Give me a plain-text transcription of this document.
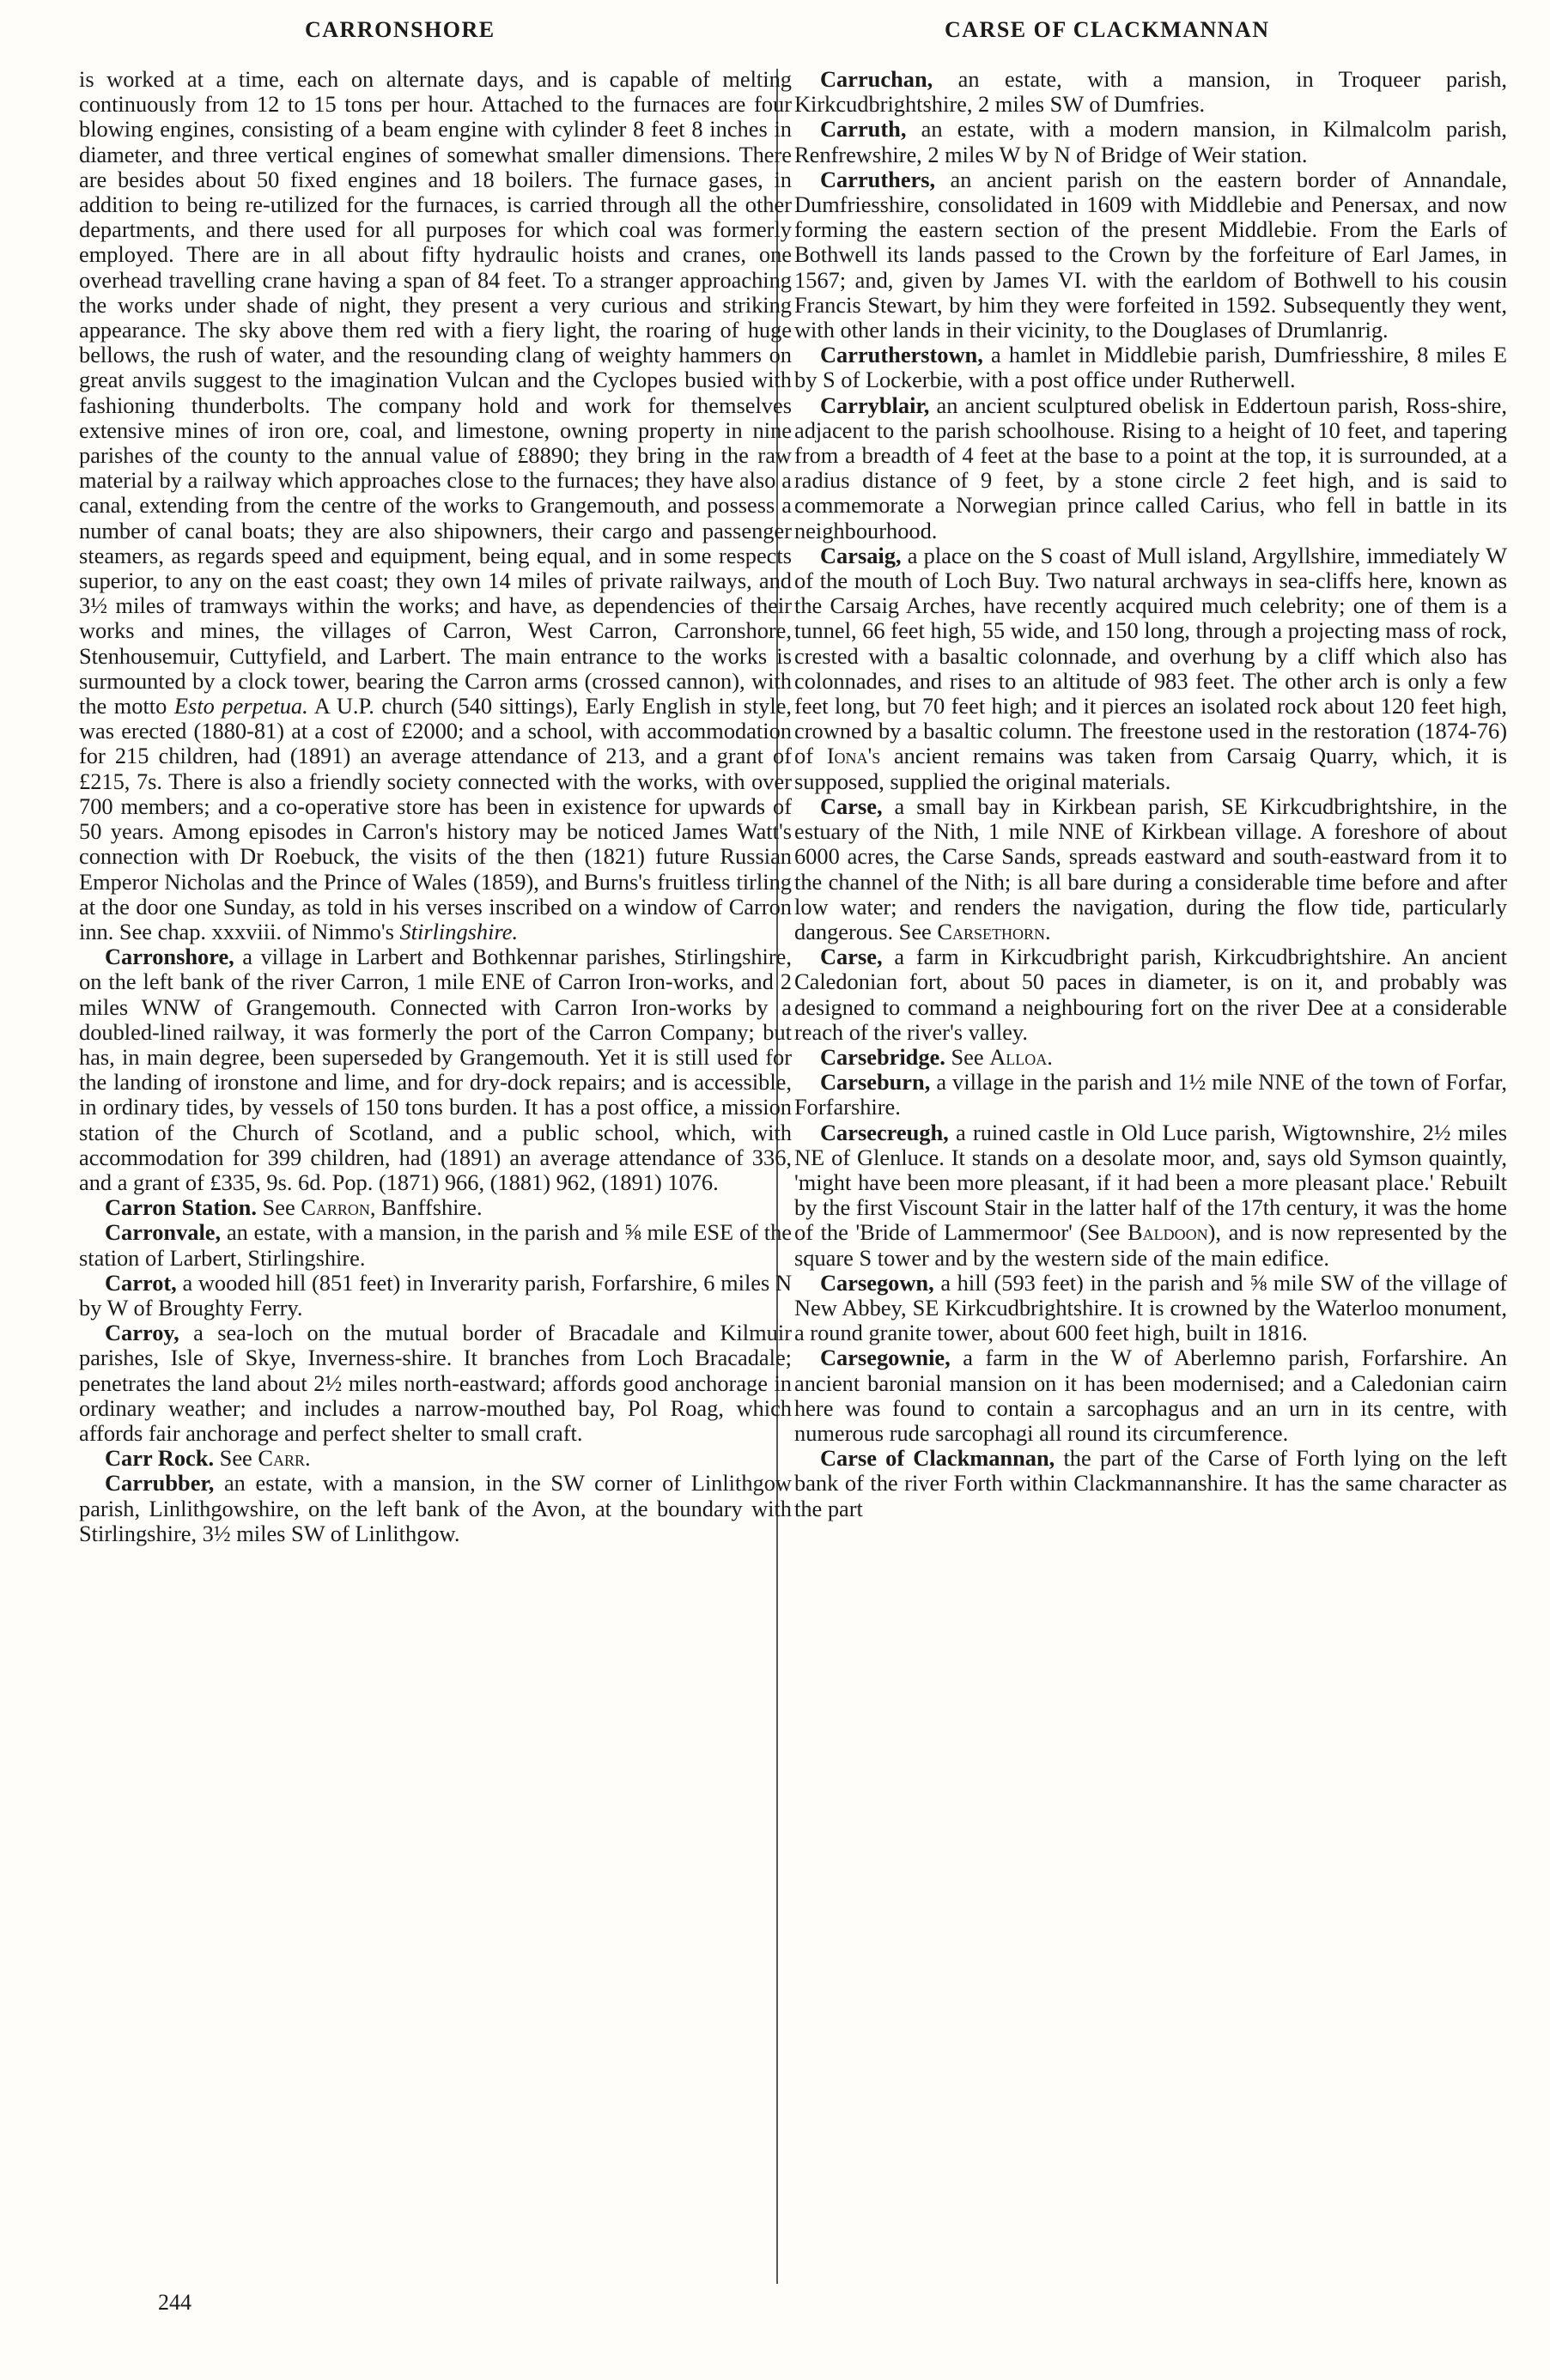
CARRONSHORE	CARSE OF CLACKMANNAN

is worked at a time, each on alternate days, and is capable of melting continuously from 12 to 15 tons per hour. Attached to the furnaces are four blowing engines, consisting of a beam engine with cylinder 8 feet 8 inches in diameter, and three vertical engines of somewhat smaller dimensions. There are besides about 50 fixed engines and 18 boilers. The furnace gases, in addition to being re-utilized for the furnaces, is carried through all the other departments, and there used for all purposes for which coal was formerly employed. There are in all about fifty hydraulic hoists and cranes, one overhead travelling crane having a span of 84 feet. To a stranger approaching the works under shade of night, they present a very curious and striking appearance. The sky above them red with a fiery light, the roaring of huge bellows, the rush of water, and the resounding clang of weighty hammers on great anvils suggest to the imagination Vulcan and the Cyclopes busied with fashioning thunderbolts. The company hold and work for themselves extensive mines of iron ore, coal, and limestone, owning property in nine parishes of the county to the annual value of £8890; they bring in the raw material by a railway which approaches close to the furnaces; they have also a canal, extending from the centre of the works to Grangemouth, and possess a number of canal boats; they are also shipowners, their cargo and passenger steamers, as regards speed and equipment, being equal, and in some respects superior, to any on the east coast; they own 14 miles of private railways, and 3½ miles of tramways within the works; and have, as dependencies of their works and mines, the villages of Carron, West Carron, Carronshore, Stenhousemuir, Cuttyfield, and Larbert. The main entrance to the works is surmounted by a clock tower, bearing the Carron arms (crossed cannon), with the motto Esto perpetua. A U.P. church (540 sittings), Early English in style, was erected (1880-81) at a cost of £2000; and a school, with accommodation for 215 children, had (1891) an average attendance of 213, and a grant of £215, 7s. There is also a friendly society connected with the works, with over 700 members; and a co-operative store has been in existence for upwards of 50 years. Among episodes in Carron's history may be noticed James Watt's connection with Dr Roebuck, the visits of the then (1821) future Russian Emperor Nicholas and the Prince of Wales (1859), and Burns's fruitless tirling at the door one Sunday, as told in his verses inscribed on a window of Carron inn. See chap. xxxviii. of Nimmo's Stirlingshire.

Carronshore, a village in Larbert and Bothkennar parishes, Stirlingshire, on the left bank of the river Carron, 1 mile ENE of Carron Iron-works, and 2 miles WNW of Grangemouth. Connected with Carron Iron-works by a doubled-lined railway, it was formerly the port of the Carron Company; but has, in main degree, been superseded by Grangemouth. Yet it is still used for the landing of ironstone and lime, and for dry-dock repairs; and is accessible, in ordinary tides, by vessels of 150 tons burden. It has a post office, a mission station of the Church of Scotland, and a public school, which, with accommodation for 399 children, had (1891) an average attendance of 336, and a grant of £335, 9s. 6d. Pop. (1871) 966, (1881) 962, (1891) 1076.

Carron Station. See Carron, Banffshire.

Carronvale, an estate, with a mansion, in the parish and ⅝ mile ESE of the station of Larbert, Stirlingshire.

Carrot, a wooded hill (851 feet) in Inverarity parish, Forfarshire, 6 miles N by W of Broughty Ferry.

Carroy, a sea-loch on the mutual border of Bracadale and Kilmuir parishes, Isle of Skye, Inverness-shire. It branches from Loch Bracadale; penetrates the land about 2½ miles north-eastward; affords good anchorage in ordinary weather; and includes a narrow-mouthed bay, Pol Roag, which affords fair anchorage and perfect shelter to small craft.

Carr Rock. See Carr.

Carrubber, an estate, with a mansion, in the SW corner of Linlithgow parish, Linlithgowshire, on the left bank of the Avon, at the boundary with Stirlingshire, 3½ miles SW of Linlithgow.

Carruchan, an estate, with a mansion, in Troqueer parish, Kirkcudbrightshire, 2 miles SW of Dumfries.

Carruth, an estate, with a modern mansion, in Kilmalcolm parish, Renfrewshire, 2 miles W by N of Bridge of Weir station.

Carruthers, an ancient parish on the eastern border of Annandale, Dumfriesshire, consolidated in 1609 with Middlebie and Penersax, and now forming the eastern section of the present Middlebie. From the Earls of Bothwell its lands passed to the Crown by the forfeiture of Earl James, in 1567; and, given by James VI. with the earldom of Bothwell to his cousin Francis Stewart, by him they were forfeited in 1592. Subsequently they went, with other lands in their vicinity, to the Douglases of Drumlanrig.

Carrutherstown, a hamlet in Middlebie parish, Dumfriesshire, 8 miles E by S of Lockerbie, with a post office under Rutherwell.

Carryblair, an ancient sculptured obelisk in Eddertoun parish, Ross-shire, adjacent to the parish schoolhouse. Rising to a height of 10 feet, and tapering from a breadth of 4 feet at the base to a point at the top, it is surrounded, at a radius distance of 9 feet, by a stone circle 2 feet high, and is said to commemorate a Norwegian prince called Carius, who fell in battle in its neighbourhood.

Carsaig, a place on the S coast of Mull island, Argyllshire, immediately W of the mouth of Loch Buy. Two natural archways in sea-cliffs here, known as the Carsaig Arches, have recently acquired much celebrity; one of them is a tunnel, 66 feet high, 55 wide, and 150 long, through a projecting mass of rock, crested with a basaltic colonnade, and overhung by a cliff which also has colonnades, and rises to an altitude of 983 feet. The other arch is only a few feet long, but 70 feet high; and it pierces an isolated rock about 120 feet high, crowned by a basaltic column. The freestone used in the restoration (1874-76) of Iona's ancient remains was taken from Carsaig Quarry, which, it is supposed, supplied the original materials.

Carse, a small bay in Kirkbean parish, SE Kirkcudbrightshire, in the estuary of the Nith, 1 mile NNE of Kirkbean village. A foreshore of about 6000 acres, the Carse Sands, spreads eastward and south-eastward from it to the channel of the Nith; is all bare during a considerable time before and after low water; and renders the navigation, during the flow tide, particularly dangerous. See Carsethorn.

Carse, a farm in Kirkcudbright parish, Kirkcudbrightshire. An ancient Caledonian fort, about 50 paces in diameter, is on it, and probably was designed to command a neighbouring fort on the river Dee at a considerable reach of the river's valley.

Carsebridge. See Alloa.

Carseburn, a village in the parish and 1½ mile NNE of the town of Forfar, Forfarshire.

Carsecreugh, a ruined castle in Old Luce parish, Wigtownshire, 2½ miles NE of Glenluce. It stands on a desolate moor, and, says old Symson quaintly, 'might have been more pleasant, if it had been a more pleasant place.' Rebuilt by the first Viscount Stair in the latter half of the 17th century, it was the home of the 'Bride of Lammermoor' (See Baldoon), and is now represented by the square S tower and by the western side of the main edifice.

Carsegown, a hill (593 feet) in the parish and ⅝ mile SW of the village of New Abbey, SE Kirkcudbrightshire. It is crowned by the Waterloo monument, a round granite tower, about 600 feet high, built in 1816.

Carsegownie, a farm in the W of Aberlemno parish, Forfarshire. An ancient baronial mansion on it has been modernised; and a Caledonian cairn here was found to contain a sarcophagus and an urn in its centre, with numerous rude sarcophagi all round its circumference.

Carse of Clackmannan, the part of the Carse of Forth lying on the left bank of the river Forth within Clackmannanshire. It has the same character as the part

244
